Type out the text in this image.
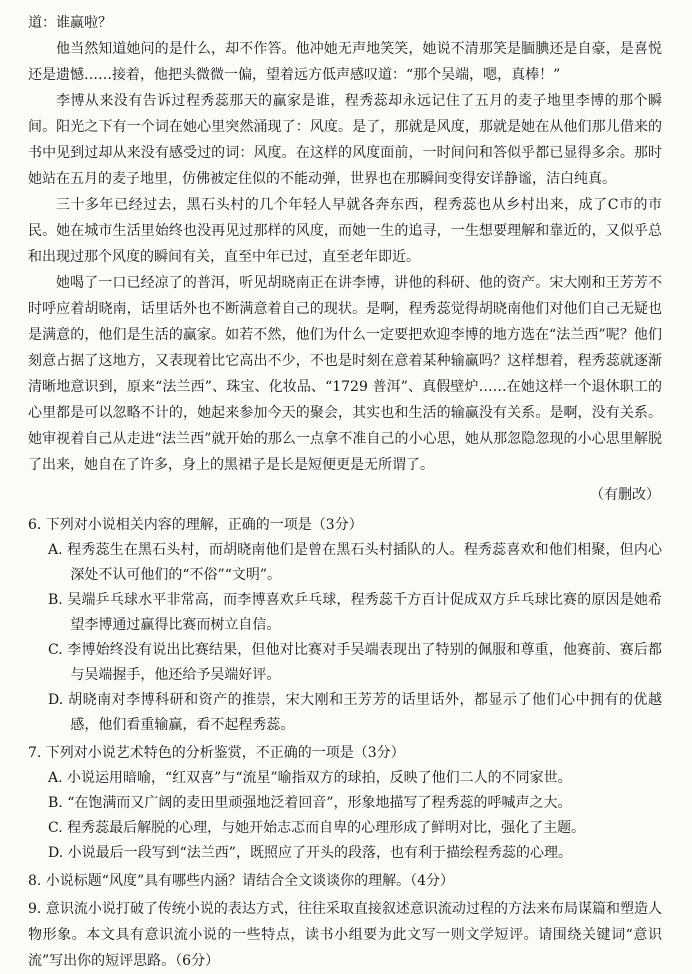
道：谁赢啦？

他当然知道她问的是什么，却不作答。他冲她无声地笑笑，她说不清那笑是腼腆还是自豪，是喜悦还是遗憾……接着，他把头微微一偏，望着远方低声感叹道：“那个吴端，嗯，真棒！”

李博从来没有告诉过程秀蕊那天的赢家是谁，程秀蕊却永远记住了五月的麦子地里李博的那个瞬间。阳光之下有一个词在她心里突然涌现了：风度。是了，那就是风度，那就是她在从他们那儿借来的书中见到过却从来没有感受过的词：风度。在这样的风度面前，一时间问和答似乎都已显得多余。那时她站在五月的麦子地里，仿佛被定住似的不能动弹，世界也在那瞬间变得安详静谧，洁白纯真。

三十多年已经过去，黑石头村的几个年轻人早就各奔东西，程秀蕊也从乡村出来，成了C市的市民。她在城市生活里始终也没再见过那样的风度，而她一生的追寻，一生想要理解和靠近的，又似乎总和出现过那个风度的瞬间有关，直至中年已过，直至老年即近。

她喝了一口已经凉了的普洱，听见胡晓南正在讲李博，讲他的科研、他的资产。宋大刚和王芳芳不时呼应着胡晓南，话里话外也不断满意着自己的现状。是啊，程秀蕊觉得胡晓南他们对他们自己无疑也是满意的，他们是生活的赢家。如若不然，他们为什么一定要把欢迎李博的地方选在“法兰西”呢？他们刻意占据了这地方，又表现着比它高出不少，不也是时刻在意着某种输赢吗？这样想着，程秀蕊就逐渐清晰地意识到，原来“法兰西”、珠宝、化妆品、“1729 普洱”、真假壁炉……在她这样一个退休职工的心里都是可以忽略不计的，她起来参加今天的聚会，其实也和生活的输赢没有关系。是啊，没有关系。她审视着自己从走进“法兰西”就开始的那么一点拿不准自己的小心思，她从那忽隐忽现的小心思里解脱了出来，她自在了许多，身上的黑裙子是长是短便更是无所谓了。

（有删改）

6. 下列对小说相关内容的理解，正确的一项是（3分）

A. 程秀蕊生在黑石头村，而胡晓南他们是曾在黑石头村插队的人。程秀蕊喜欢和他们相聚，但内心深处不认可他们的“不俗”“文明”。

B. 吴端乒乓球水平非常高，而李博喜欢乒乓球，程秀蕊千方百计促成双方乒乓球比赛的原因是她希望李博通过赢得比赛而树立自信。

C. 李博始终没有说出比赛结果，但他对比赛对手吴端表现出了特别的佩服和尊重，他赛前、赛后都与吴端握手，他还给予吴端好评。

D. 胡晓南对李博科研和资产的推崇，宋大刚和王芳芳的话里话外，都显示了他们心中拥有的优越感，他们看重输赢，看不起程秀蕊。

7. 下列对小说艺术特色的分析鉴赏，不正确的一项是（3分）

A. 小说运用暗喻，“红双喜”与“流星”喻指双方的球拍，反映了他们二人的不同家世。

B. “在饱满而又广阔的麦田里顽强地泛着回音”，形象地描写了程秀蕊的呼喊声之大。

C. 程秀蕊最后解脱的心理，与她开始志忑而自卑的心理形成了鲜明对比，强化了主题。

D. 小说最后一段写到“法兰西”，既照应了开头的段落，也有利于描绘程秀蕊的心理。

8. 小说标题“风度”具有哪些内涵？请结合全文谈谈你的理解。（4分）

9. 意识流小说打破了传统小说的表达方式，往往采取直接叙述意识流动过程的方法来布局谋篇和塑造人物形象。本文具有意识流小说的一些特点，读书小组要为此文写一则文学短评。请围绕关键词“意识流”写出你的短评思路。（6分）
